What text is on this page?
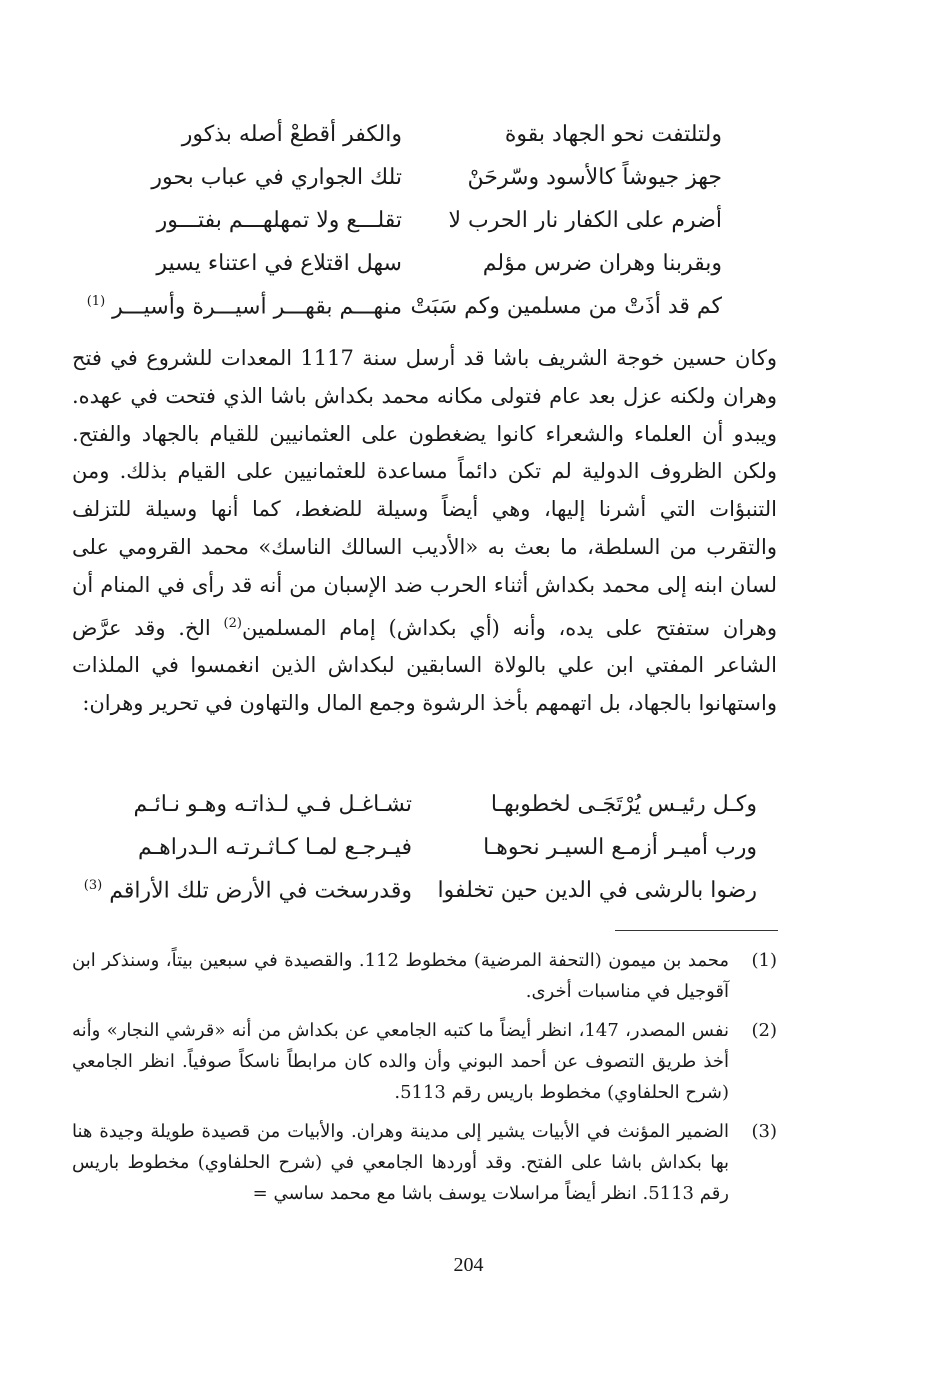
ولتلتفت نحو الجهاد بقوة
والكفر أقطعْ أصله بذكور
جهز جيوشاً كالأسود وسّرحَنْ
تلك الجواري في عباب بحور
أضرم على الكفار نار الحرب لا
تقلـــع ولا تمهلهـــم بفتـــور
وبقربنا وهران ضرس مؤلم
سهل اقتلاع في اعتناء يسير
كم قد أذَتْ من مسلمين وكم سَبَتْ
منهـــم بقهـــر أسيـــرة وأسيـــر $^{(1)}$

وكان حسين خوجة الشريف باشا قد أرسل سنة 1117 المعدات للشروع في فتح وهران ولكنه عزل بعد عام فتولى مكانه محمد بكداش باشا الذي فتحت في عهده. ويبدو أن العلماء والشعراء كانوا يضغطون على العثمانيين للقيام بالجهاد والفتح. ولكن الظروف الدولية لم تكن دائماً مساعدة للعثمانيين على القيام بذلك. ومن التنبؤات التي أشرنا إليها، وهي أيضاً وسيلة للضغط، كما أنها وسيلة للتزلف والتقرب من السلطة، ما بعث به «الأديب السالك الناسك» محمد القرومي على لسان ابنه إلى محمد بكداش أثناء الحرب ضد الإسبان من أنه قد رأى في المنام أن وهران ستفتح على يده، وأنه (أي بكداش) إمام المسلمين$^{(2)}$ الخ. وقد عرَّض الشاعر المفتي ابن علي بالولاة السابقين لبكداش الذين انغمسوا في الملذات واستهانوا بالجهاد، بل اتهمهم بأخذ الرشوة وجمع المال والتهاون في تحرير وهران:

وكـل رئيـس يُرْتَجَـى لخطوبهـا
تشـاغـل فـي لـذاتـه وهـو نـائـم
ورب أميـر أزمـع السيـر نحوهـا
فيـرجـع لمـا كـاثـرتـه الـدراهـم
رضوا بالرشى في الدين حين تخلفوا
وقدرسخت في الأرض تلك الأراقم $^{(3)}$
(1)
محمد بن ميمون (التحفة المرضية) مخطوط 112. والقصيدة في سبعين بيتاً، وسنذكر ابن آقوجيل في مناسبات أخرى.
(2)
نفس المصدر، 147، انظر أيضاً ما كتبه الجامعي عن بكداش من أنه «قرشي النجار» وأنه أخذ طريق التصوف عن أحمد البوني وأن والده كان مرابطاً ناسكاً صوفياً. انظر الجامعي (شرح الحلفاوي) مخطوط باريس رقم 5113.
(3)
الضمير المؤنث في الأبيات يشير إلى مدينة وهران. والأبيات من قصيدة طويلة وجيدة هنا بها بكداش باشا على الفتح. وقد أوردها الجامعي في (شرح الحلفاوي) مخطوط باريس رقم 5113. انظر أيضاً مراسلات يوسف باشا مع محمد ساسي =
204
